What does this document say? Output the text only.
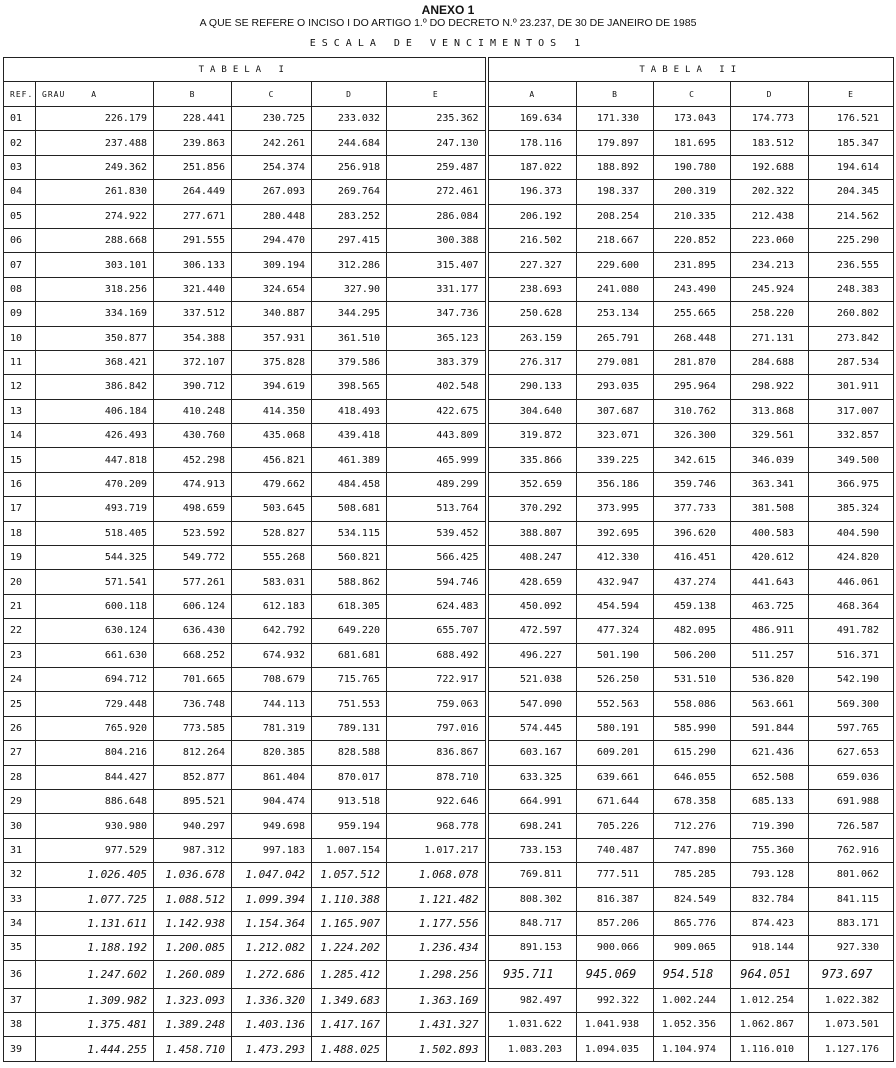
ANEXO 1
A QUE SE REFERE O INCISO I DO ARTIGO 1.º DO DECRETO N.º 23.237, DE 30 DE JANEIRO DE 1985
ESCALA DE VENCIMENTOS 1
TABELA I						TABELA II				
REF.	GRAU A	B	C	D	E	A	B	C	D	E
01	226.179	228.441	230.725	233.032	235.362	169.634	171.330	173.043	174.773	176.521
02	237.488	239.863	242.261	244.684	247.130	178.116	179.897	181.695	183.512	185.347
03	249.362	251.856	254.374	256.918	259.487	187.022	188.892	190.780	192.688	194.614
04	261.830	264.449	267.093	269.764	272.461	196.373	198.337	200.319	202.322	204.345
05	274.922	277.671	280.448	283.252	286.084	206.192	208.254	210.335	212.438	214.562
06	288.668	291.555	294.470	297.415	300.388	216.502	218.667	220.852	223.060	225.290
07	303.101	306.133	309.194	312.286	315.407	227.327	229.600	231.895	234.213	236.555
08	318.256	321.440	324.654	327.90	331.177	238.693	241.080	243.490	245.924	248.383
09	334.169	337.512	340.887	344.295	347.736	250.628	253.134	255.665	258.220	260.802
10	350.877	354.388	357.931	361.510	365.123	263.159	265.791	268.448	271.131	273.842
11	368.421	372.107	375.828	379.586	383.379	276.317	279.081	281.870	284.688	287.534
12	386.842	390.712	394.619	398.565	402.548	290.133	293.035	295.964	298.922	301.911
13	406.184	410.248	414.350	418.493	422.675	304.640	307.687	310.762	313.868	317.007
14	426.493	430.760	435.068	439.418	443.809	319.872	323.071	326.300	329.561	332.857
15	447.818	452.298	456.821	461.389	465.999	335.866	339.225	342.615	346.039	349.500
16	470.209	474.913	479.662	484.458	489.299	352.659	356.186	359.746	363.341	366.975
17	493.719	498.659	503.645	508.681	513.764	370.292	373.995	377.733	381.508	385.324
18	518.405	523.592	528.827	534.115	539.452	388.807	392.695	396.620	400.583	404.590
19	544.325	549.772	555.268	560.821	566.425	408.247	412.330	416.451	420.612	424.820
20	571.541	577.261	583.031	588.862	594.746	428.659	432.947	437.274	441.643	446.061
21	600.118	606.124	612.183	618.305	624.483	450.092	454.594	459.138	463.725	468.364
22	630.124	636.430	642.792	649.220	655.707	472.597	477.324	482.095	486.911	491.782
23	661.630	668.252	674.932	681.681	688.492	496.227	501.190	506.200	511.257	516.371
24	694.712	701.665	708.679	715.765	722.917	521.038	526.250	531.510	536.820	542.190
25	729.448	736.748	744.113	751.553	759.063	547.090	552.563	558.086	563.661	569.300
26	765.920	773.585	781.319	789.131	797.016	574.445	580.191	585.990	591.844	597.765
27	804.216	812.264	820.385	828.588	836.867	603.167	609.201	615.290	621.436	627.653
28	844.427	852.877	861.404	870.017	878.710	633.325	639.661	646.055	652.508	659.036
29	886.648	895.521	904.474	913.518	922.646	664.991	671.644	678.358	685.133	691.988
30	930.980	940.297	949.698	959.194	968.778	698.241	705.226	712.276	719.390	726.587
31	977.529	987.312	997.183	1.007.154	1.017.217	733.153	740.487	747.890	755.360	762.916
32	1.026.405	1.036.678	1.047.042	1.057.512	1.068.078	769.811	777.511	785.285	793.128	801.062
33	1.077.725	1.088.512	1.099.394	1.110.388	1.121.482	808.302	816.387	824.549	832.784	841.115
34	1.131.611	1.142.938	1.154.364	1.165.907	1.177.556	848.717	857.206	865.776	874.423	883.171
35	1.188.192	1.200.085	1.212.082	1.224.202	1.236.434	891.153	900.066	909.065	918.144	927.330
36	1.247.602	1.260.089	1.272.686	1.285.412	1.298.256	935.711	945.069	954.518	964.051	973.697
37	1.309.982	1.323.093	1.336.320	1.349.683	1.363.169	982.497	992.322	1.002.244	1.012.254	1.022.382
38	1.375.481	1.389.248	1.403.136	1.417.167	1.431.327	1.031.622	1.041.938	1.052.356	1.062.867	1.073.501
39	1.444.255	1.458.710	1.473.293	1.488.025	1.502.893	1.083.203	1.094.035	1.104.974	1.116.010	1.127.176
